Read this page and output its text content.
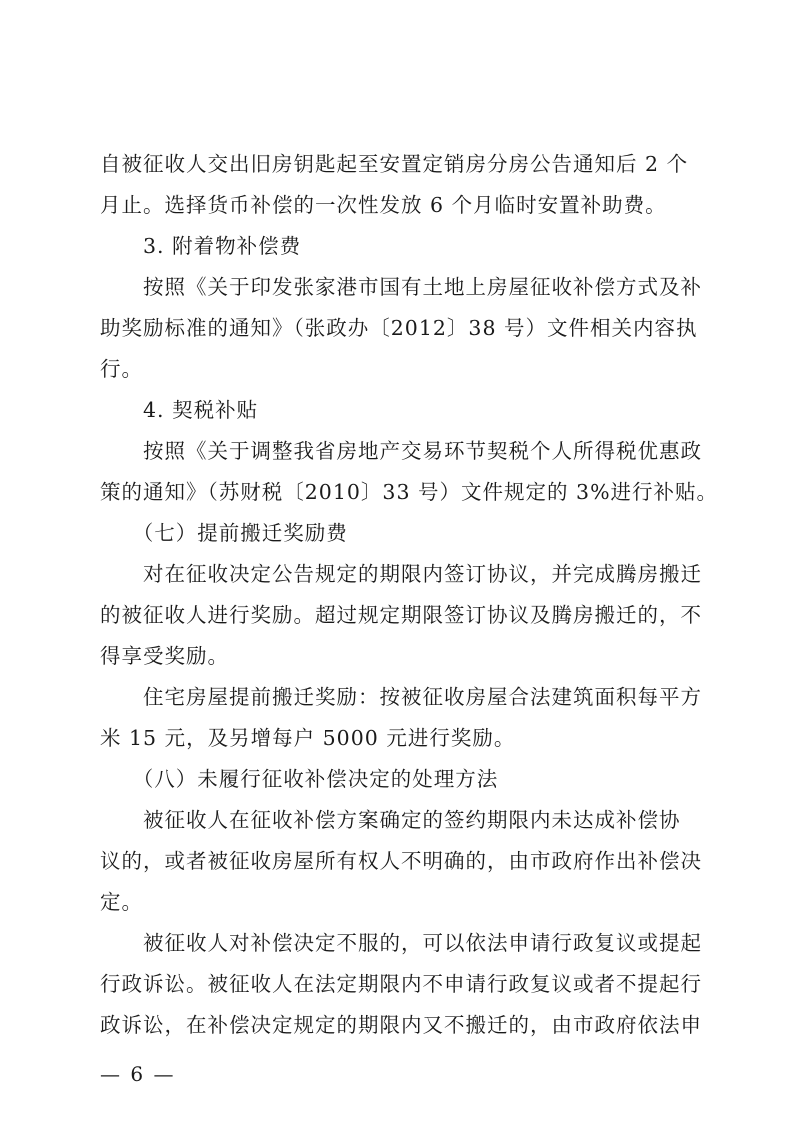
自被征收人交出旧房钥匙起至安置定销房分房公告通知后 2 个
月止。选择货币补偿的一次性发放 6 个月临时安置补助费。
　　3. 附着物补偿费
　　按照《关于印发张家港市国有土地上房屋征收补偿方式及补
助奖励标准的通知》（张政办〔2012〕38 号）文件相关内容执
行。
　　4. 契税补贴
　　按照《关于调整我省房地产交易环节契税个人所得税优惠政
策的通知》（苏财税〔2010〕33 号）文件规定的 3%进行补贴。
　　（七）提前搬迁奖励费
　　对在征收决定公告规定的期限内签订协议，并完成腾房搬迁
的被征收人进行奖励。超过规定期限签订协议及腾房搬迁的，不
得享受奖励。
　　住宅房屋提前搬迁奖励：按被征收房屋合法建筑面积每平方
米 15 元，及另增每户 5000 元进行奖励。
　　（八）未履行征收补偿决定的处理方法
　　被征收人在征收补偿方案确定的签约期限内未达成补偿协
议的，或者被征收房屋所有权人不明确的，由市政府作出补偿决
定。
　　被征收人对补偿决定不服的，可以依法申请行政复议或提起
行政诉讼。被征收人在法定期限内不申请行政复议或者不提起行
政诉讼，在补偿决定规定的期限内又不搬迁的，由市政府依法申
— 6 —
